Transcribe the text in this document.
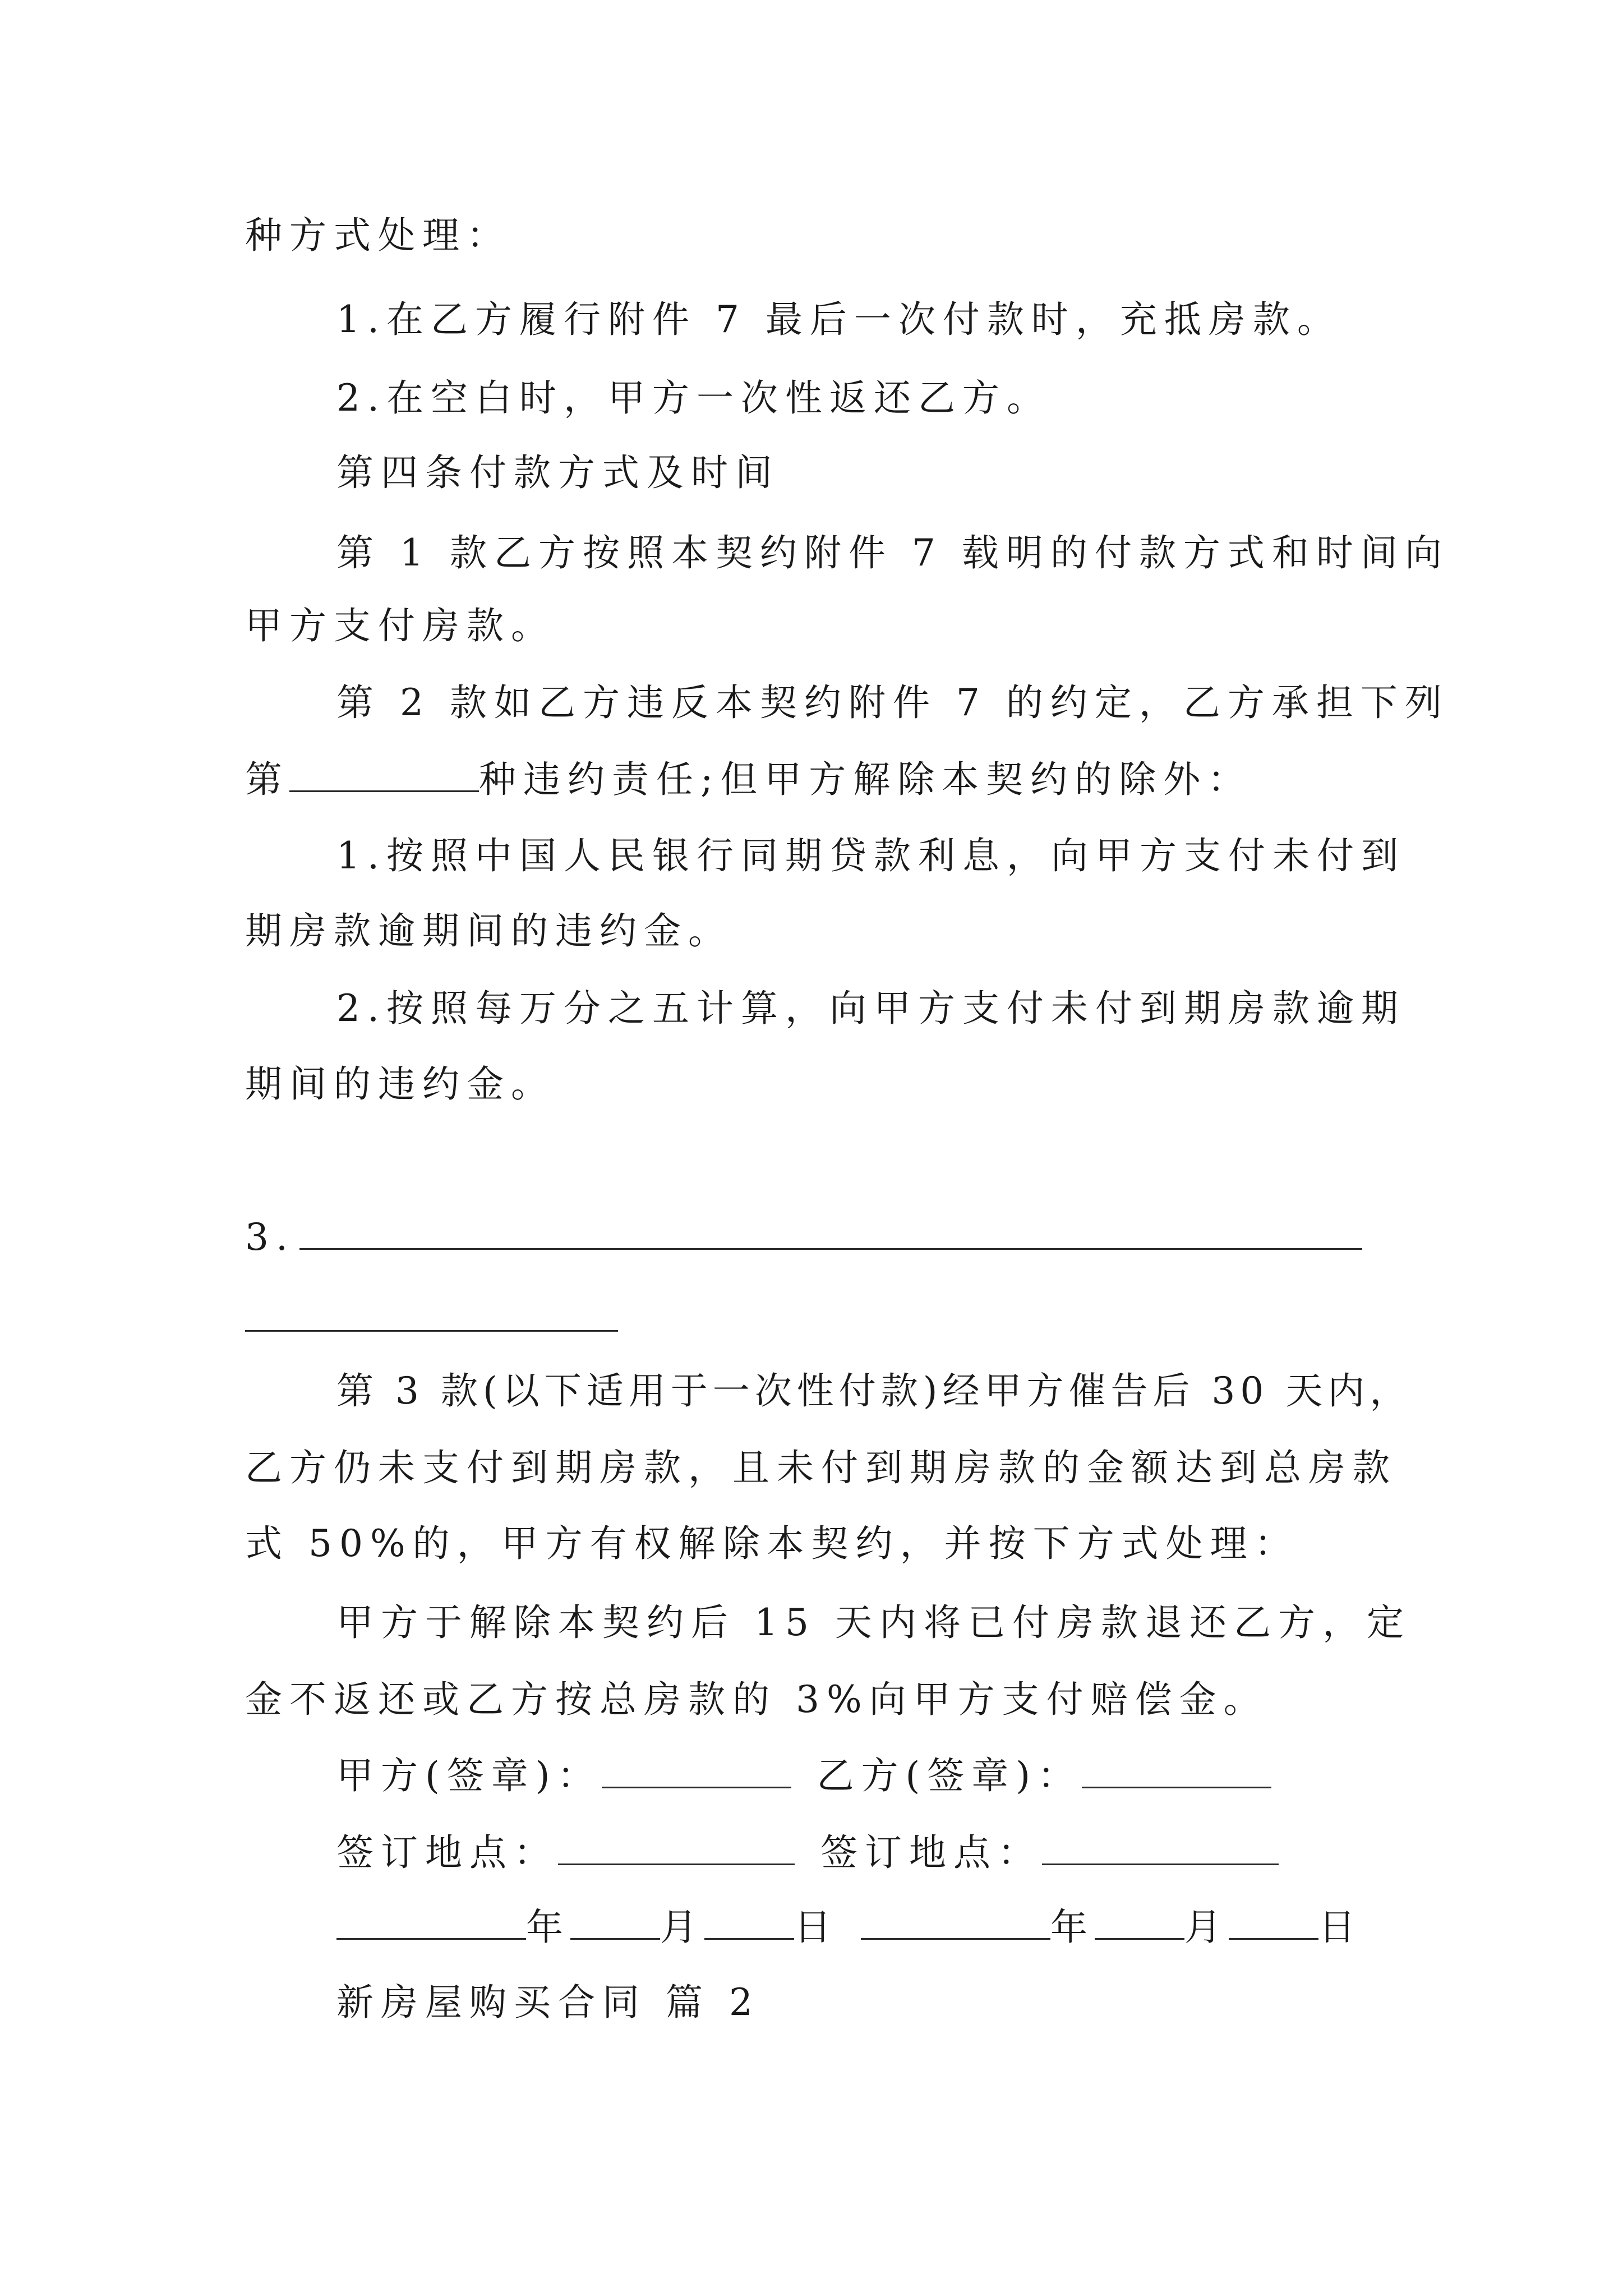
种方式处理：
1.在乙方履行附件 7 最后一次付款时，充抵房款。
2.在空白时，甲方一次性返还乙方。
第四条付款方式及时间
第 1 款乙方按照本契约附件 7 载明的付款方式和时间向
甲方支付房款。
第 2 款如乙方违反本契约附件 7 的约定，乙方承担下列
第	种违约责任;但甲方解除本契约的除外：
1.按照中国人民银行同期贷款利息，向甲方支付未付到
期房款逾期间的违约金。
2.按照每万分之五计算，向甲方支付未付到期房款逾期
期间的违约金。
3.
第 3 款(以下适用于一次性付款)经甲方催告后 30 天内，
乙方仍未支付到期房款，且未付到期房款的金额达到总房款
式 50%的，甲方有权解除本契约，并按下方式处理：
甲方于解除本契约后 15 天内将已付房款退还乙方，定
金不返还或乙方按总房款的 3%向甲方支付赔偿金。
甲方(签章)：	乙方(签章)：
签订地点：	签订地点：
年 月 日	年 月 日
新房屋购买合同 篇 2
